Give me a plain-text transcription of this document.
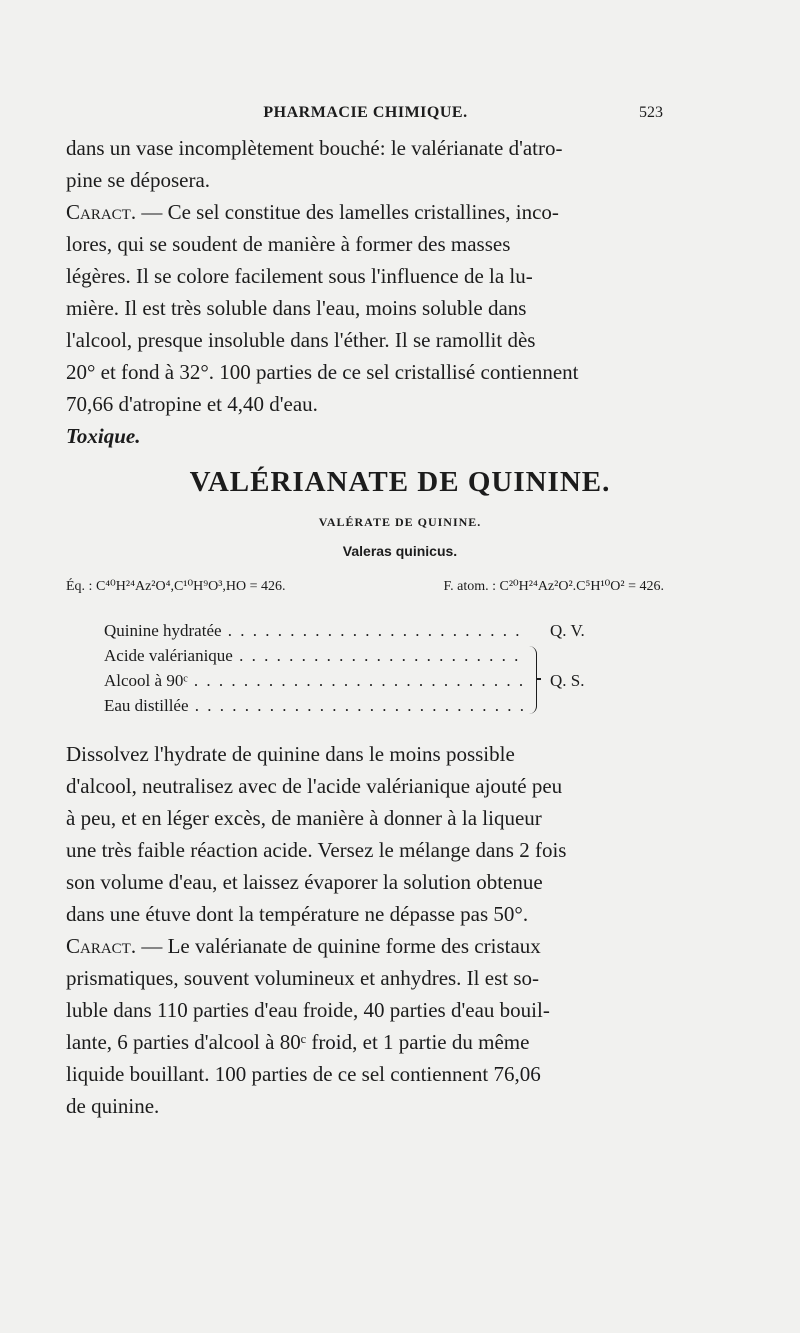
PHARMACIE CHIMIQUE.	523
dans un vase incomplètement bouché: le valérianate d'atro-
pine se déposera.
Caract. — Ce sel constitue des lamelles cristallines, inco-
lores, qui se soudent de manière à former des masses
légères. Il se colore facilement sous l'influence de la lu-
mière. Il est très soluble dans l'eau, moins soluble dans
l'alcool, presque insoluble dans l'éther. Il se ramollit dès
20° et fond à 32°. 100 parties de ce sel cristallisé contiennent
70,66 d'atropine et 4,40 d'eau.
Toxique.
VALÉRIANATE DE QUININE.
VALÉRATE DE QUININE.
Valeras quinicus.
Éq. : C⁴⁰H²⁴Az²O⁴,C¹⁰H⁹O³,HO = 426.	F. atom. : C²⁰H²⁴Az²O².C⁵H¹⁰O² = 426.
Quinine hydratée . . .	Q. V.
Acide valérianique . . .
Alcool à 90ᶜ . . .
Eau distillée . . .
Q. S.
Dissolvez l'hydrate de quinine dans le moins possible
d'alcool, neutralisez avec de l'acide valérianique ajouté peu
à peu, et en léger excès, de manière à donner à la liqueur
une très faible réaction acide. Versez le mélange dans 2 fois
son volume d'eau, et laissez évaporer la solution obtenue
dans une étuve dont la température ne dépasse pas 50°.
Caract. — Le valérianate de quinine forme des cristaux
prismatiques, souvent volumineux et anhydres. Il est so-
luble dans 110 parties d'eau froide, 40 parties d'eau bouil-
lante, 6 parties d'alcool à 80ᶜ froid, et 1 partie du même
liquide bouillant. 100 parties de ce sel contiennent 76,06
de quinine.
